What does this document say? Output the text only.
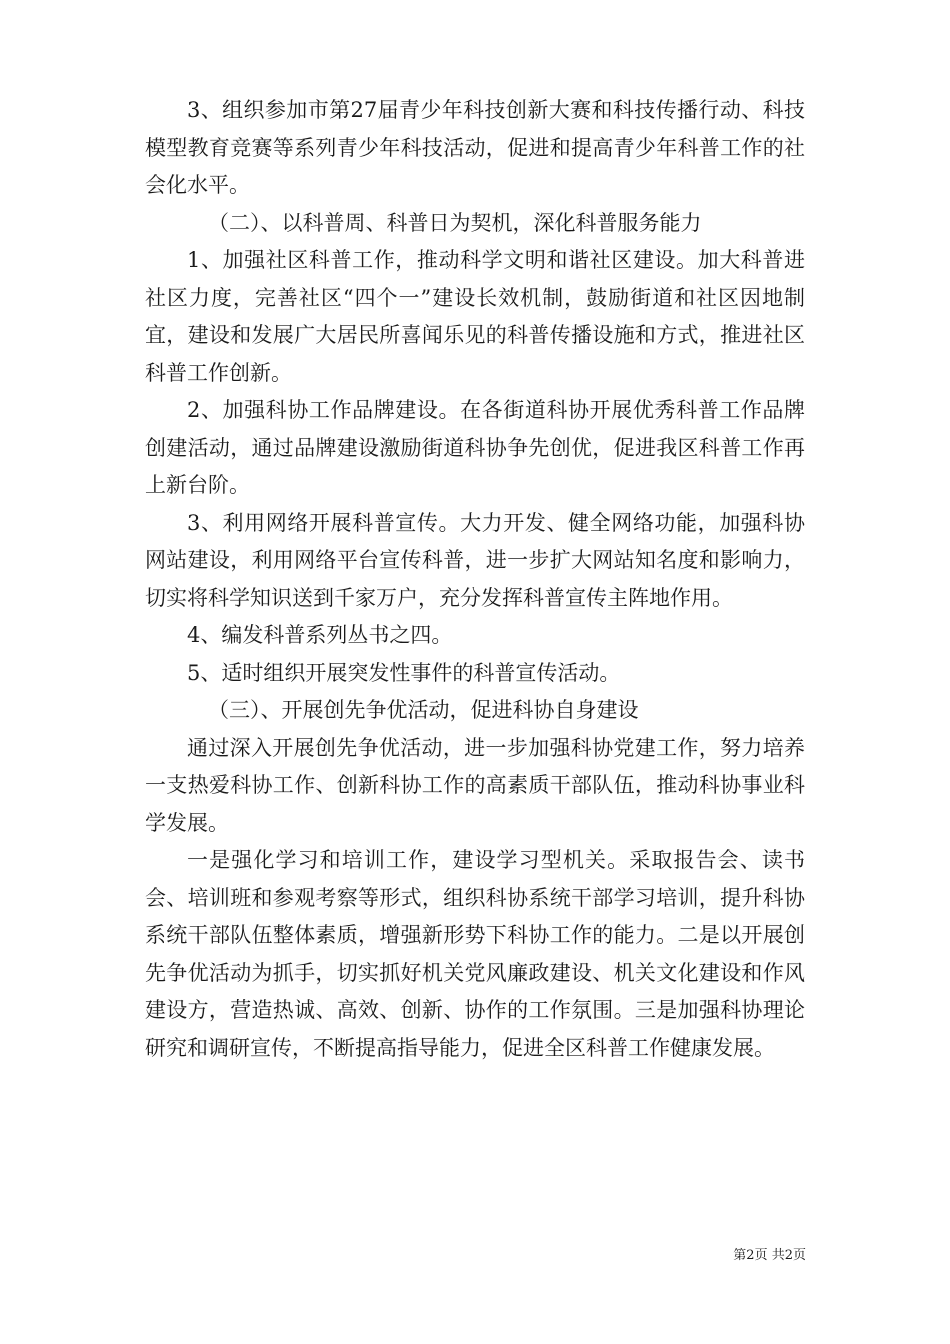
3、组织参加市第27届青少年科技创新大赛和科技传播行动、科技模型教育竞赛等系列青少年科技活动，促进和提高青少年科普工作的社会化水平。

（二）、以科普周、科普日为契机，深化科普服务能力

1、加强社区科普工作，推动科学文明和谐社区建设。加大科普进社区力度，完善社区“四个一”建设长效机制，鼓励街道和社区因地制宜，建设和发展广大居民所喜闻乐见的科普传播设施和方式，推进社区科普工作创新。

2、加强科协工作品牌建设。在各街道科协开展优秀科普工作品牌创建活动，通过品牌建设激励街道科协争先创优，促进我区科普工作再上新台阶。

3、利用网络开展科普宣传。大力开发、健全网络功能，加强科协网站建设，利用网络平台宣传科普，进一步扩大网站知名度和影响力，切实将科学知识送到千家万户，充分发挥科普宣传主阵地作用。

4、编发科普系列丛书之四。

5、适时组织开展突发性事件的科普宣传活动。

（三）、开展创先争优活动，促进科协自身建设

通过深入开展创先争优活动，进一步加强科协党建工作，努力培养一支热爱科协工作、创新科协工作的高素质干部队伍，推动科协事业科学发展。

一是强化学习和培训工作，建设学习型机关。采取报告会、读书会、培训班和参观考察等形式，组织科协系统干部学习培训，提升科协系统干部队伍整体素质，增强新形势下科协工作的能力。二是以开展创先争优活动为抓手，切实抓好机关党风廉政建设、机关文化建设和作风建设方，营造热诚、高效、创新、协作的工作氛围。三是加强科协理论研究和调研宣传，不断提高指导能力，促进全区科普工作健康发展。

第2页 共2页
